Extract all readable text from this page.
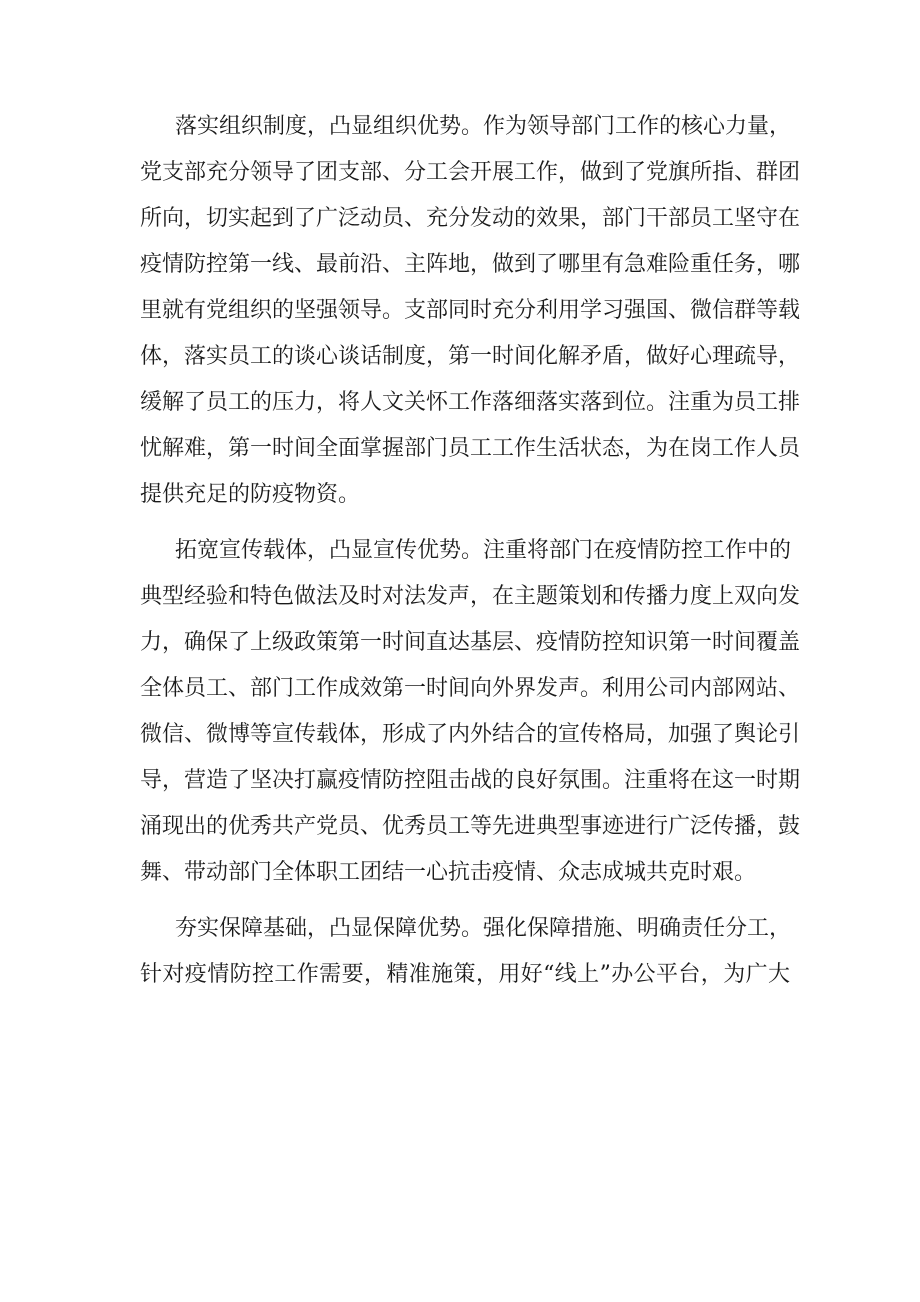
落实组织制度，凸显组织优势。作为领导部门工作的核心力量，
党支部充分领导了团支部、分工会开展工作，做到了党旗所指、群团
所向，切实起到了广泛动员、充分发动的效果，部门干部员工坚守在
疫情防控第一线、最前沿、主阵地，做到了哪里有急难险重任务，哪
里就有党组织的坚强领导。支部同时充分利用学习强国、微信群等载
体，落实员工的谈心谈话制度，第一时间化解矛盾，做好心理疏导，
缓解了员工的压力，将人文关怀工作落细落实落到位。注重为员工排
忧解难，第一时间全面掌握部门员工工作生活状态，为在岗工作人员
提供充足的防疫物资。
拓宽宣传载体，凸显宣传优势。注重将部门在疫情防控工作中的
典型经验和特色做法及时对法发声，在主题策划和传播力度上双向发
力，确保了上级政策第一时间直达基层、疫情防控知识第一时间覆盖
全体员工、部门工作成效第一时间向外界发声。利用公司内部网站、
微信、微博等宣传载体，形成了内外结合的宣传格局，加强了舆论引
导，营造了坚决打赢疫情防控阻击战的良好氛围。注重将在这一时期
涌现出的优秀共产党员、优秀员工等先进典型事迹进行广泛传播，鼓
舞、带动部门全体职工团结一心抗击疫情、众志成城共克时艰。
夯实保障基础，凸显保障优势。强化保障措施、明确责任分工，
针对疫情防控工作需要，精准施策，用好“线上”办公平台，为广大
